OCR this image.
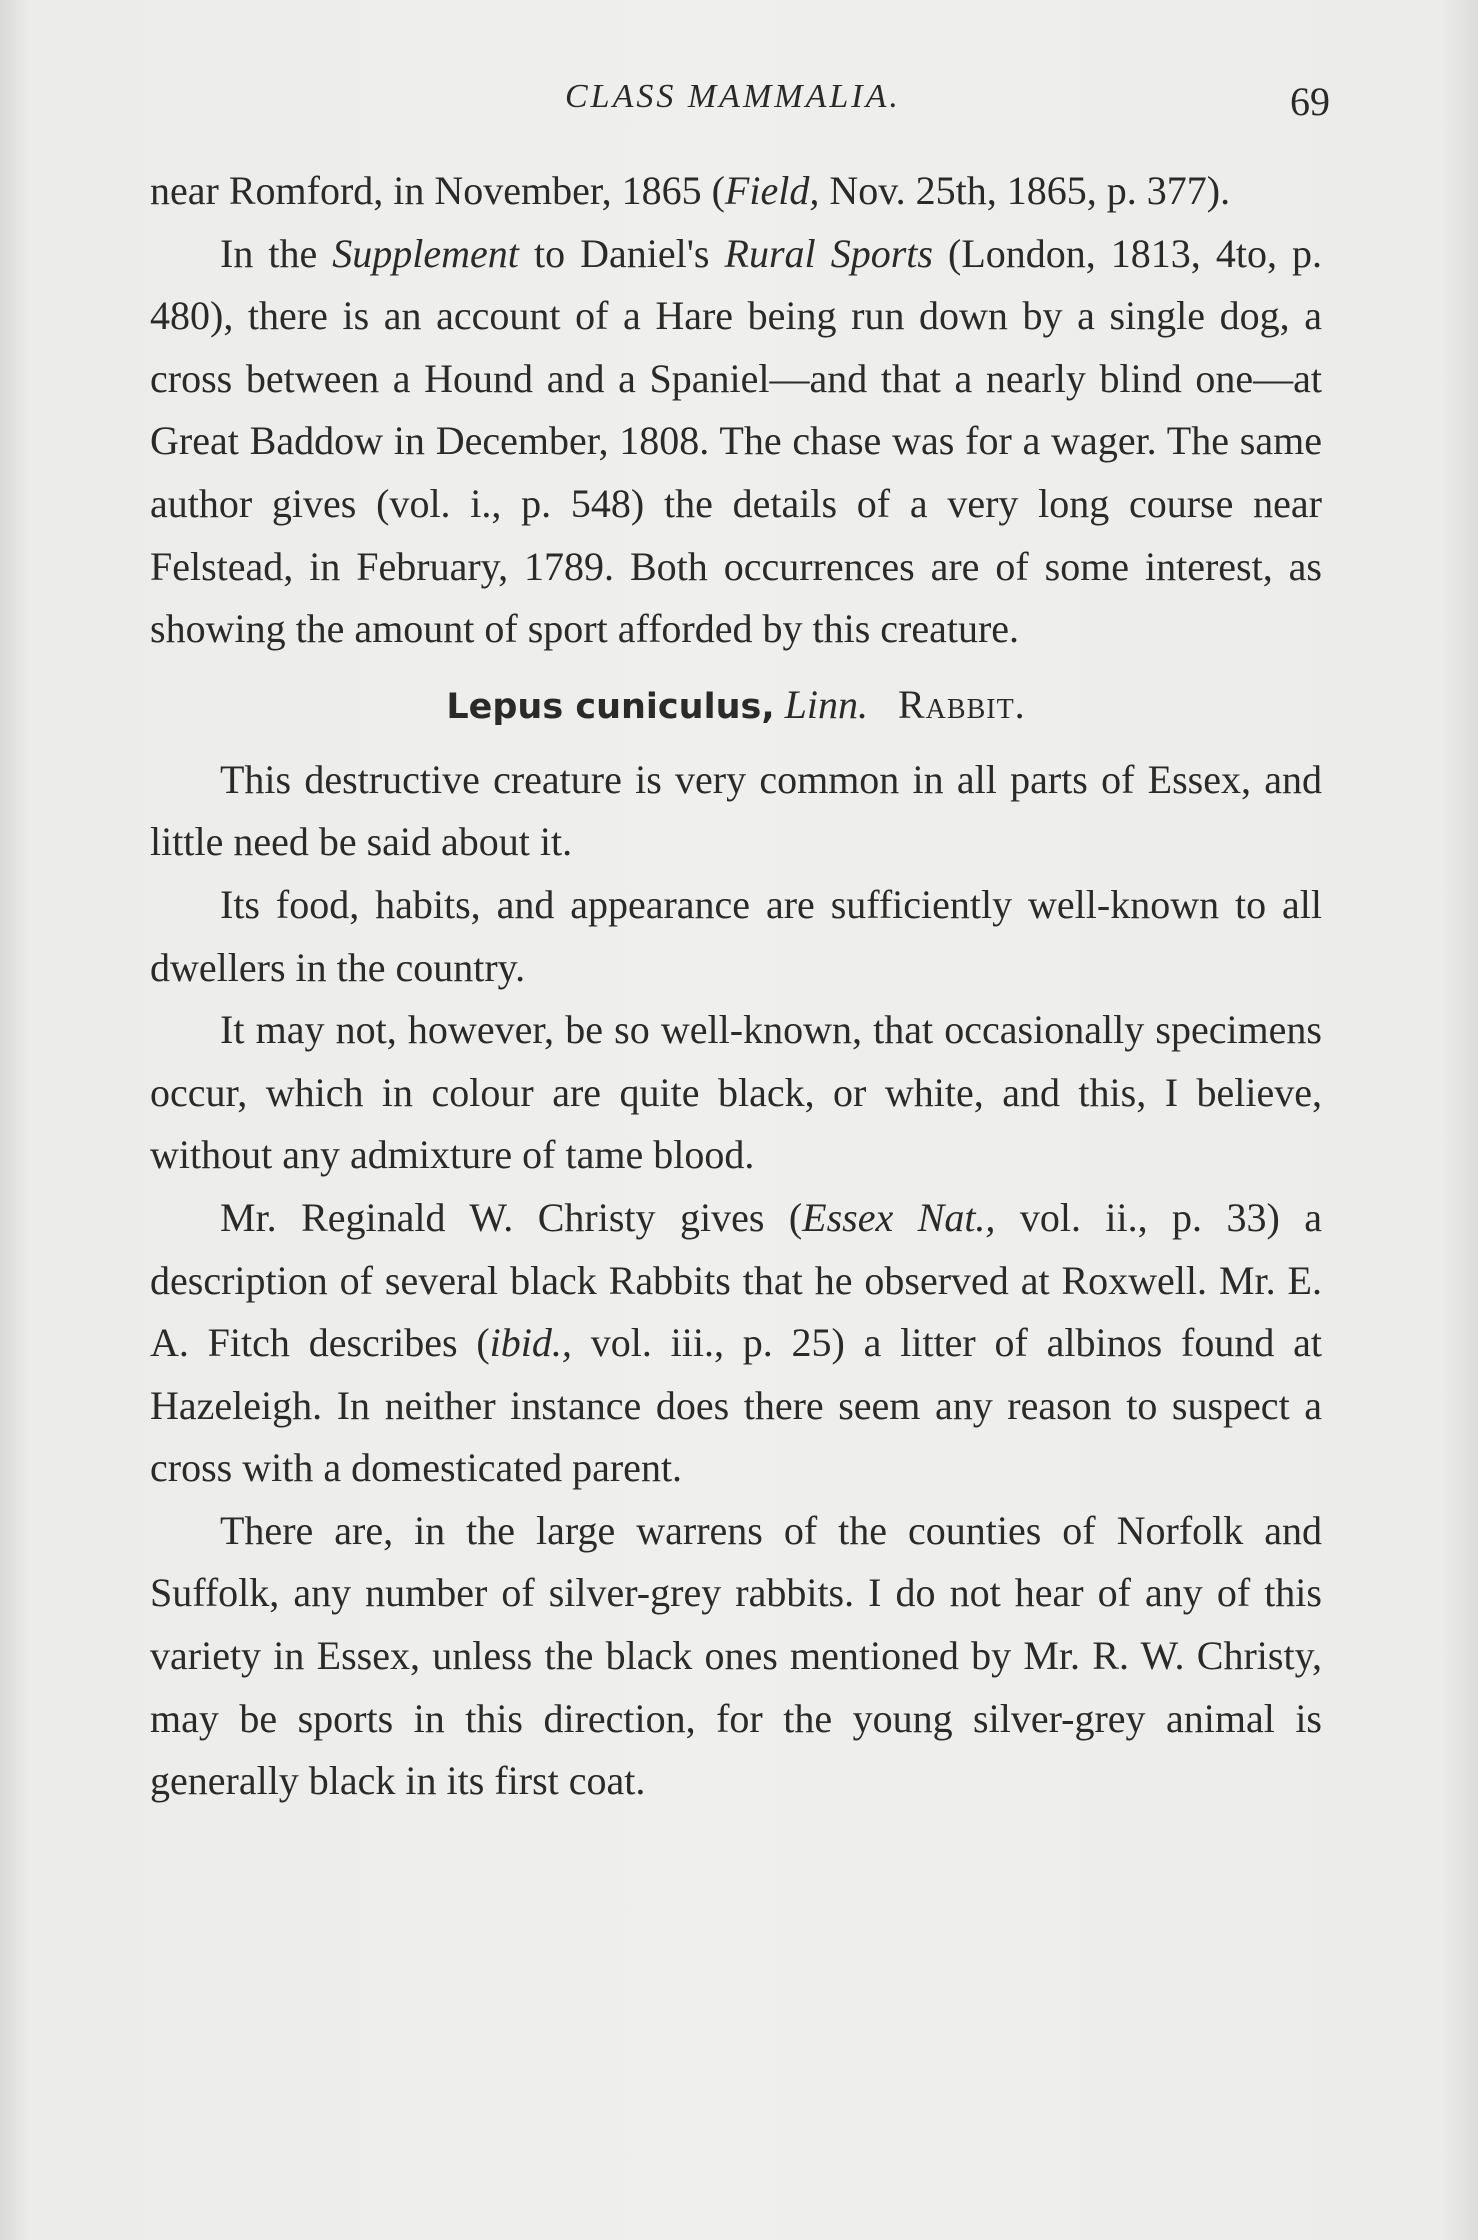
CLASS MAMMALIA.	69

near Romford, in November, 1865 (Field, Nov. 25th, 1865, p. 377).

In the Supplement to Daniel's Rural Sports (London, 1813, 4to, p. 480), there is an account of a Hare being run down by a single dog, a cross between a Hound and a Spaniel—and that a nearly blind one—at Great Baddow in December, 1808. The chase was for a wager. The same author gives (vol. i., p. 548) the details of a very long course near Felstead, in February, 1789. Both occurrences are of some interest, as showing the amount of sport afforded by this creature.

Lepus cuniculus, Linn. Rabbit.

This destructive creature is very common in all parts of Essex, and little need be said about it.

Its food, habits, and appearance are sufficiently well-known to all dwellers in the country.

It may not, however, be so well-known, that occasionally specimens occur, which in colour are quite black, or white, and this, I believe, without any admixture of tame blood.

Mr. Reginald W. Christy gives (Essex Nat., vol. ii., p. 33) a description of several black Rabbits that he observed at Roxwell. Mr. E. A. Fitch describes (ibid., vol. iii., p. 25) a litter of albinos found at Hazeleigh. In neither instance does there seem any reason to suspect a cross with a domesticated parent.

There are, in the large warrens of the counties of Norfolk and Suffolk, any number of silver-grey rabbits. I do not hear of any of this variety in Essex, unless the black ones mentioned by Mr. R. W. Christy, may be sports in this direction, for the young silver-grey animal is generally black in its first coat.
